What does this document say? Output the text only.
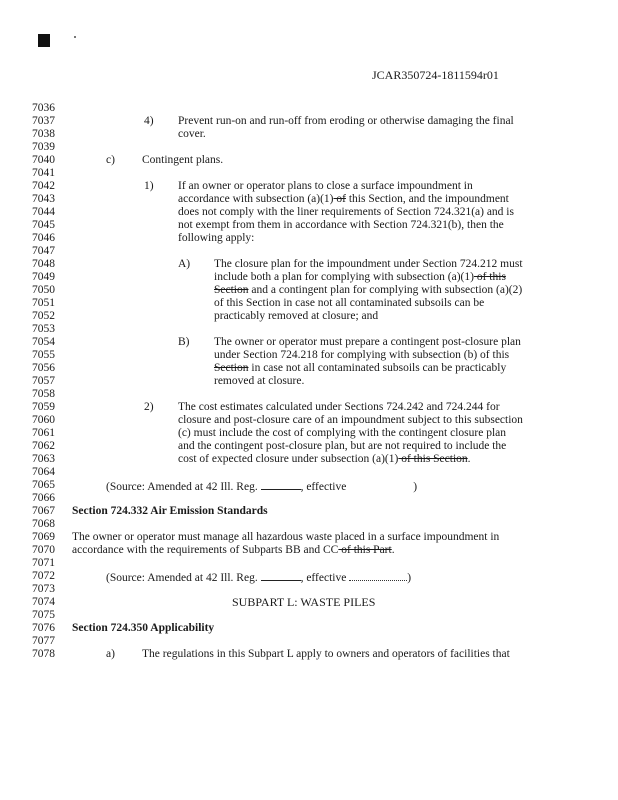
JCAR350724-1811594r01
7036
7037
7038
7039
7040
7041
7042
7043
7044
7045
7046
7047
7048
7049
7050
7051
7052
7053
7054
7055
7056
7057
7058
7059
7060
7061
7062
7063
7064
7065
7066
7067
7068
7069
7070
7071
7072
7073
7074
7075
7076
7077
7078
4) Prevent run-on and run-off from eroding or otherwise damaging the final
cover.
c) Contingent plans.
1) If an owner or operator plans to close a surface impoundment in
accordance with subsection (a)(1) of this Section, and the impoundment
does not comply with the liner requirements of Section 724.321(a) and is
not exempt from them in accordance with Section 724.321(b), then the
following apply:
A) The closure plan for the impoundment under Section 724.212 must
include both a plan for complying with subsection (a)(1) of this
Section and a contingent plan for complying with subsection (a)(2)
of this Section in case not all contaminated subsoils can be
practicably removed at closure; and
B) The owner or operator must prepare a contingent post-closure plan
under Section 724.218 for complying with subsection (b) of this
Section in case not all contaminated subsoils can be practicably
removed at closure.
2) The cost estimates calculated under Sections 724.242 and 724.244 for
closure and post-closure care of an impoundment subject to this subsection
(c) must include the cost of complying with the contingent closure plan
and the contingent post-closure plan, but are not required to include the
cost of expected closure under subsection (a)(1) of this Section.
(Source: Amended at 42 Ill. Reg.	, effective	)
Section 724.332 Air Emission Standards
The owner or operator must manage all hazardous waste placed in a surface impoundment in
accordance with the requirements of Subparts BB and CC of this Part.
(Source: Amended at 42 Ill. Reg.	, effective	)
SUBPART L: WASTE PILES
Section 724.350 Applicability
a) The regulations in this Subpart L apply to owners and operators of facilities that
